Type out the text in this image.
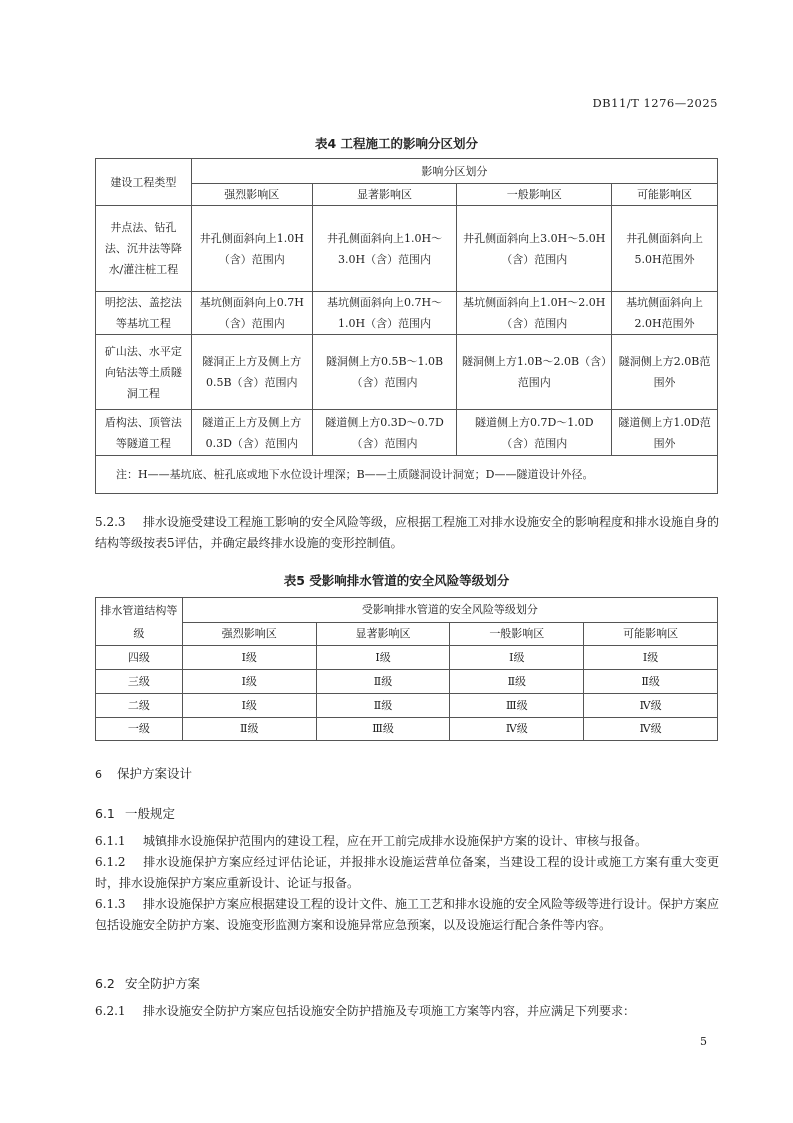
DB11/T 1276—2025
表4 工程施工的影响分区划分
建设工程类型	影响分区划分			
	强烈影响区	显著影响区	一般影响区	可能影响区
井点法、钻孔法、沉井法等降水/灌注桩工程	井孔侧面斜向上1.0H（含）范围内	井孔侧面斜向上1.0H～3.0H（含）范围内	井孔侧面斜向上3.0H～5.0H（含）范围内	井孔侧面斜向上5.0H范围外
明挖法、盖挖法等基坑工程	基坑侧面斜向上0.7H（含）范围内	基坑侧面斜向上0.7H～1.0H（含）范围内	基坑侧面斜向上1.0H～2.0H（含）范围内	基坑侧面斜向上2.0H范围外
矿山法、水平定向钻法等土质隧洞工程	隧洞正上方及侧上方0.5B（含）范围内	隧洞侧上方0.5B～1.0B（含）范围内	隧洞侧上方1.0B～2.0B（含）范围内	隧洞侧上方2.0B范围外
盾构法、顶管法等隧道工程	隧道正上方及侧上方0.3D（含）范围内	隧道侧上方0.3D～0.7D（含）范围内	隧道侧上方0.7D～1.0D（含）范围内	隧道侧上方1.0D范围外
注：H——基坑底、桩孔底或地下水位设计埋深；B——土质隧洞设计洞宽；D——隧道设计外径。				
5.2.3 排水设施受建设工程施工影响的安全风险等级，应根据工程施工对排水设施安全的影响程度和排水设施自身的结构等级按表5评估，并确定最终排水设施的变形控制值。
表5 受影响排水管道的安全风险等级划分
排水管道结构等级	受影响排水管道的安全风险等级划分			
	强烈影响区	显著影响区	一般影响区	可能影响区
四级	Ⅰ级	Ⅰ级	Ⅰ级	Ⅰ级
三级	Ⅰ级	Ⅱ级	Ⅱ级	Ⅱ级
二级	Ⅰ级	Ⅱ级	Ⅲ级	Ⅳ级
一级	Ⅱ级	Ⅲ级	Ⅳ级	Ⅳ级
6 保护方案设计
6.1 一般规定
6.1.1 城镇排水设施保护范围内的建设工程，应在开工前完成排水设施保护方案的设计、审核与报备。
6.1.2 排水设施保护方案应经过评估论证，并报排水设施运营单位备案，当建设工程的设计或施工方案有重大变更时，排水设施保护方案应重新设计、论证与报备。
6.1.3 排水设施保护方案应根据建设工程的设计文件、施工工艺和排水设施的安全风险等级等进行设计。保护方案应包括设施安全防护方案、设施变形监测方案和设施异常应急预案，以及设施运行配合条件等内容。
6.2 安全防护方案
6.2.1 排水设施安全防护方案应包括设施安全防护措施及专项施工方案等内容，并应满足下列要求：
5
